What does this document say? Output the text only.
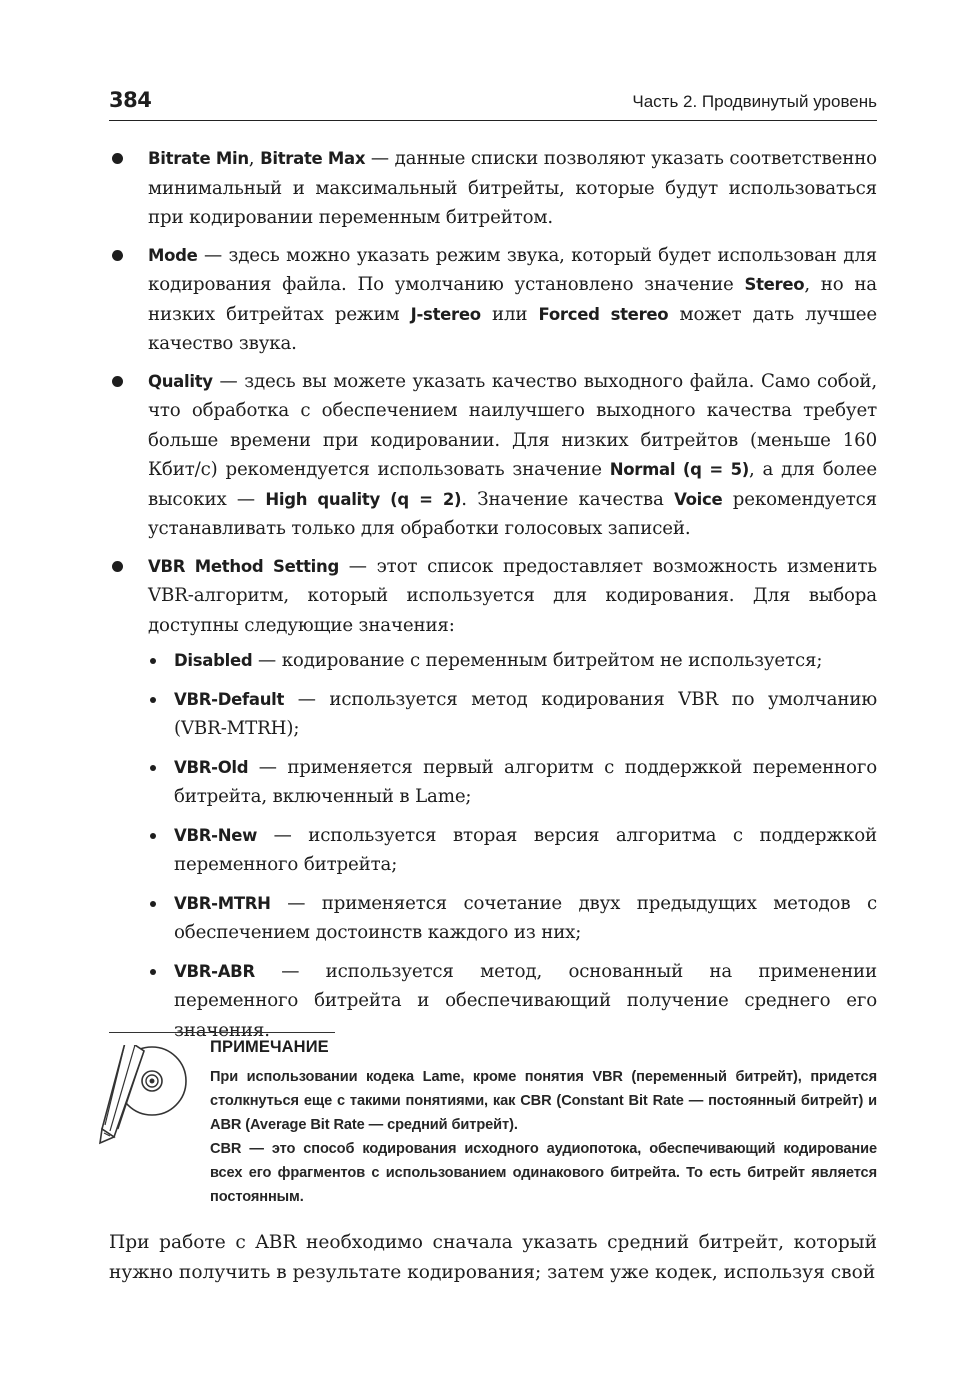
384	Часть 2. Продвинутый уровень
Bitrate Min, Bitrate Max — данные списки позволяют указать соответственно минимальный и максимальный битрейты, которые будут использоваться при кодировании переменным битрейтом.
Mode — здесь можно указать режим звука, который будет использован для кодирования файла. По умолчанию установлено значение Stereo, но на низких битрейтах режим J-stereo или Forced stereo может дать лучшее качество звука.
Quality — здесь вы можете указать качество выходного файла. Само собой, что обработка с обеспечением наилучшего выходного качества требует больше времени при кодировании. Для низких битрейтов (меньше 160 Кбит/с) рекомендуется использовать значение Normal (q = 5), а для более высоких — High quality (q = 2). Значение качества Voice рекомендуется устанавливать только для обработки голосовых записей.
VBR Method Setting — этот список предоставляет возможность изменить VBR-алгоритм, который используется для кодирования. Для выбора доступны следующие значения:
Disabled — кодирование с переменным битрейтом не используется;
VBR-Default — используется метод кодирования VBR по умолчанию (VBR-MTRH);
VBR-Old — применяется первый алгоритм с поддержкой переменного битрейта, включенный в Lame;
VBR-New — используется вторая версия алгоритма с поддержкой переменного битрейта;
VBR-MTRH — применяется сочетание двух предыдущих методов с обеспечением достоинств каждого из них;
VBR-ABR — используется метод, основанный на применении переменного битрейта и обеспечивающий получение среднего его значения.

ПРИМЕЧАНИЕ

При использовании кодека Lame, кроме понятия VBR (переменный битрейт), придется столкнуться еще с такими понятиями, как CBR (Constant Bit Rate — постоянный битрейт) и ABR (Average Bit Rate — средний битрейт).

CBR — это способ кодирования исходного аудиопотока, обеспечивающий кодирование всех его фрагментов с использованием одинакового битрейта. То есть битрейт является постоянным.

При работе с ABR необходимо сначала указать средний битрейт, который нужно получить в результате кодирования; затем уже кодек, используя свой
